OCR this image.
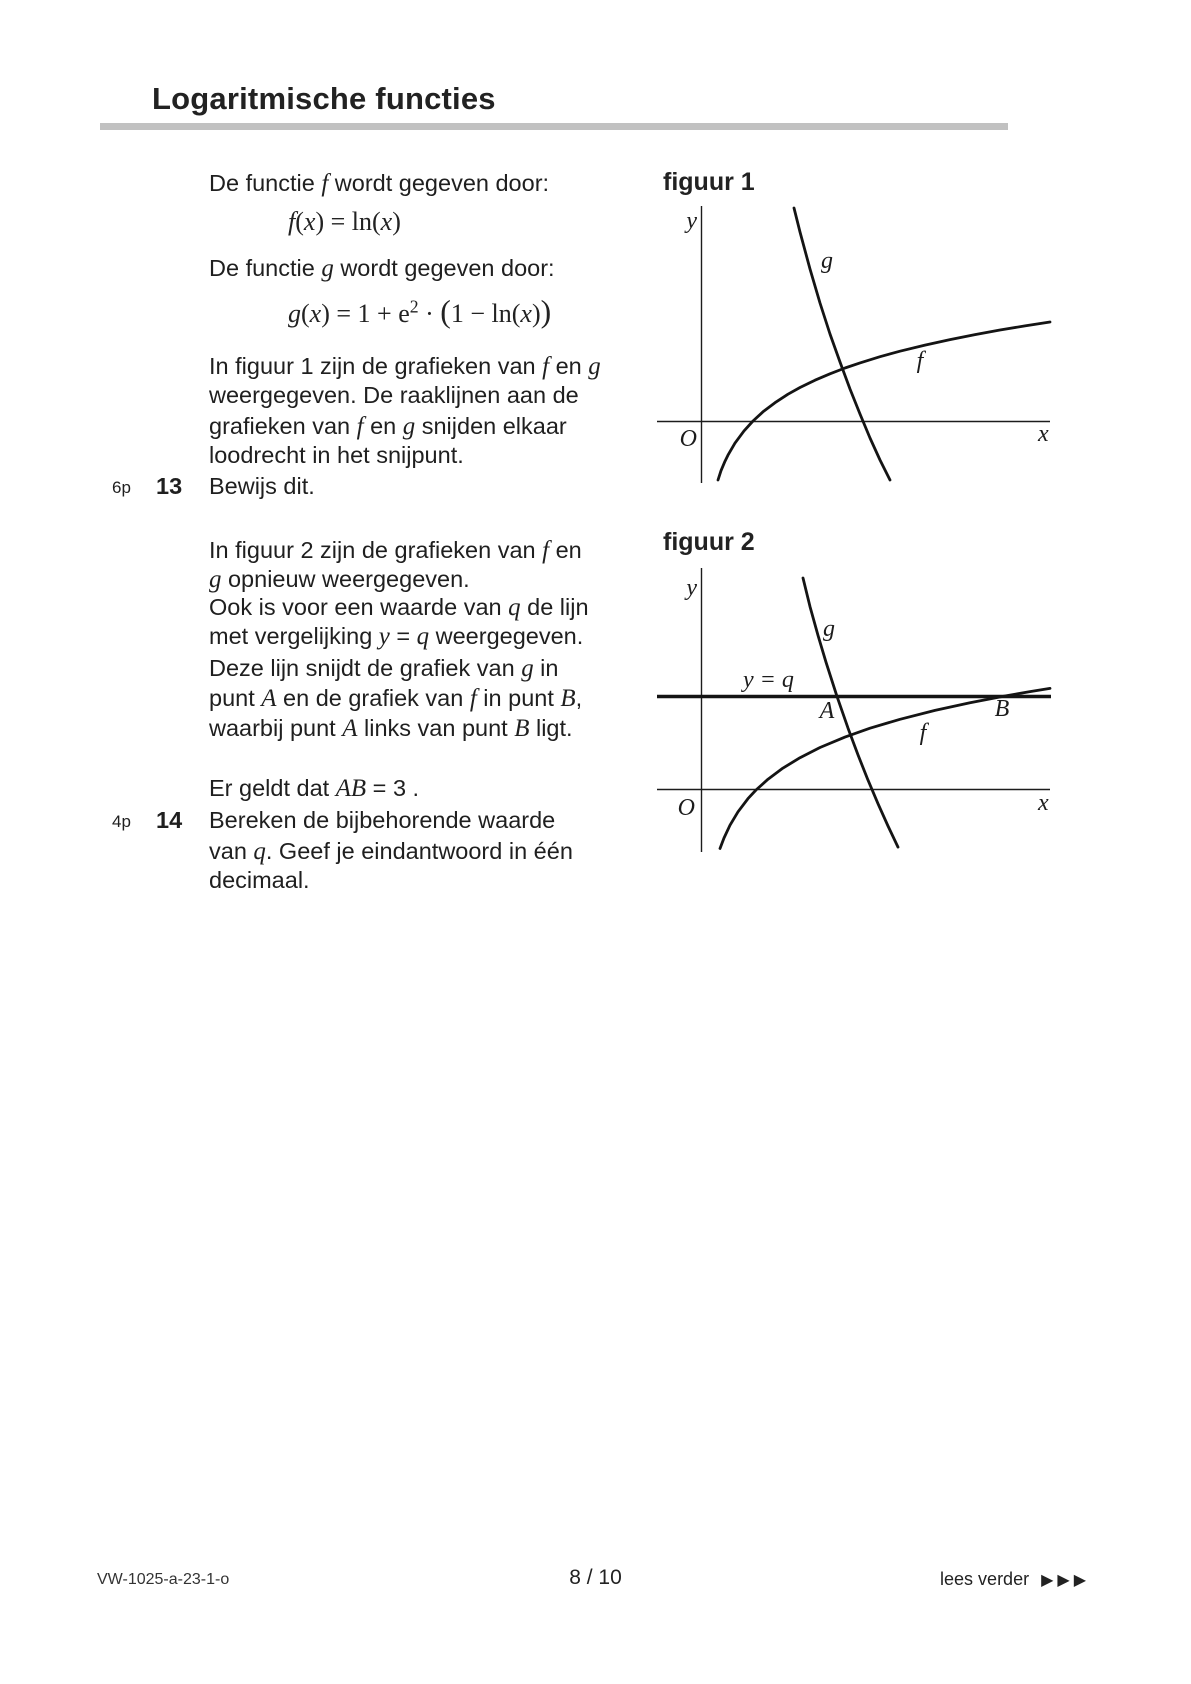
Logaritmische functies
De functie f wordt gegeven door:
f(x) = ln(x)
De functie g wordt gegeven door:
$g(x) = 1 + e^2 \cdot (1 - \ln(x))$
In figuur 1 zijn de grafieken van f en g
weergegeven. De raaklijnen aan de
grafieken van f en g snijden elkaar
loodrecht in het snijpunt.
6p 13 Bewijs dit.
In figuur 2 zijn de grafieken van f en
g opnieuw weergegeven.
Ook is voor een waarde van q de lijn
met vergelijking y = q weergegeven.
Deze lijn snijdt de grafiek van g in
punt A en de grafiek van f in punt B,
waarbij punt A links van punt B ligt.
Er geldt dat AB = 3 .
4p 14 Bereken de bijbehorende waarde
van q. Geef je eindantwoord in één
decimaal.
figuur 1
y
O	x
g
f
figuur 2
y
O	x
g
f
y = q
A	B
VW-1025-a-23-1-o	8 / 10	lees verder ▶▶▶
